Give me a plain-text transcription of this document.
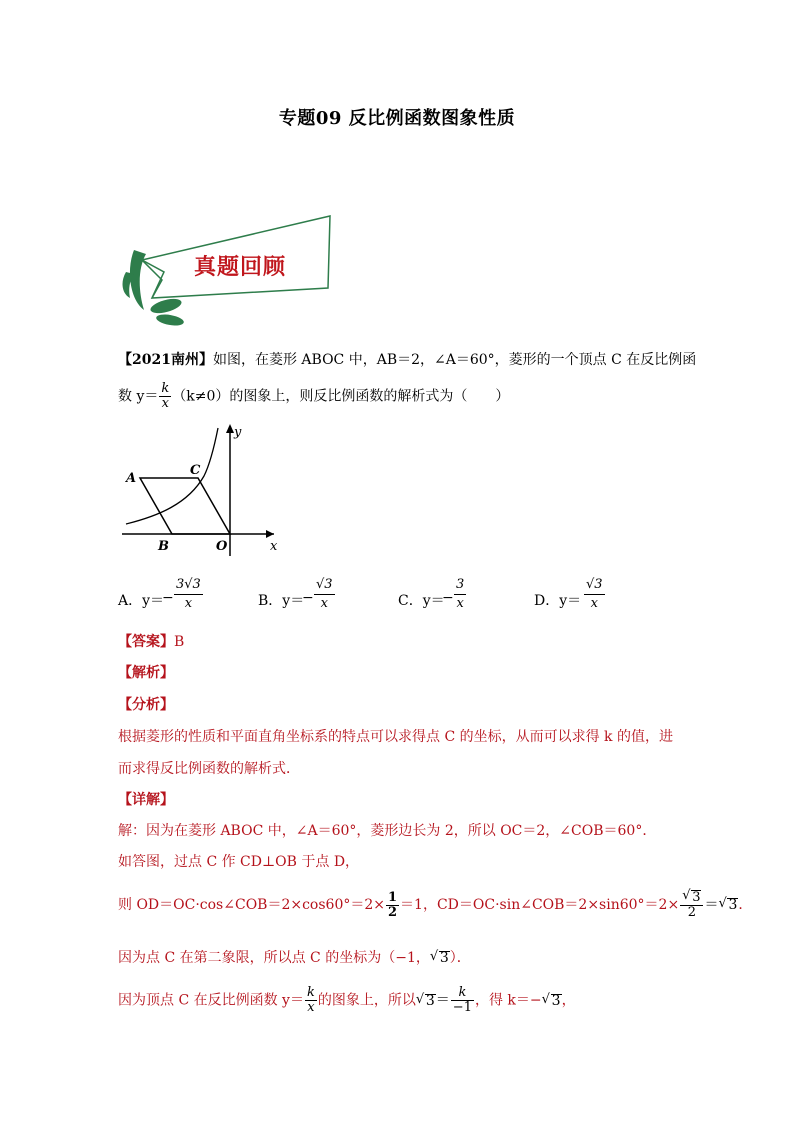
专题09 反比例函数图象性质
真题回顾
【2021南州】如图，在菱形 ABOC 中，AB＝2，∠A＝60°，菱形的一个顶点 C 在反比例函
数 $y= \frac{k}{x} (k\ne 0)$的图象上，则反比例函数的解析式为（　　）
A
B
C
O	x
y
A．y＝
− $\frac{3√3}{x}$	B．y＝
− $\frac{√3}{x}$	C．y＝
− $\frac{3}{x}$	D．$y= \frac{√3}{x}$
【答案】B
【解析】
【分析】
根据菱形的性质和平面直角坐标系的特点可以求得点 C 的坐标，从而可以求得 k 的值，进
而求得反比例函数的解析式．
【详解】
解：因为在菱形 ABOC 中，∠A＝60°，菱形边长为 2，所以 OC＝2，∠COB＝60°．
如答图，过点 C 作 CD⊥OB 于点 D，
则 OD＝OC·cos∠COB＝2×cos60°＝2× $\frac{1}{2} =1$，CD＝OC·sin∠COB＝2×sin60°＝2× √ $\frac{3}{2}$ ＝ √ 3．
因为点 C 在第二象限，所以点 C 的坐标为（−1， √ 3）．
因为顶点 C 在反比例函数 $y= \frac{k}{x}$ 的图象上，所以 √ $3= \frac{k}{-1}$ ，得 k＝− √ 3，
